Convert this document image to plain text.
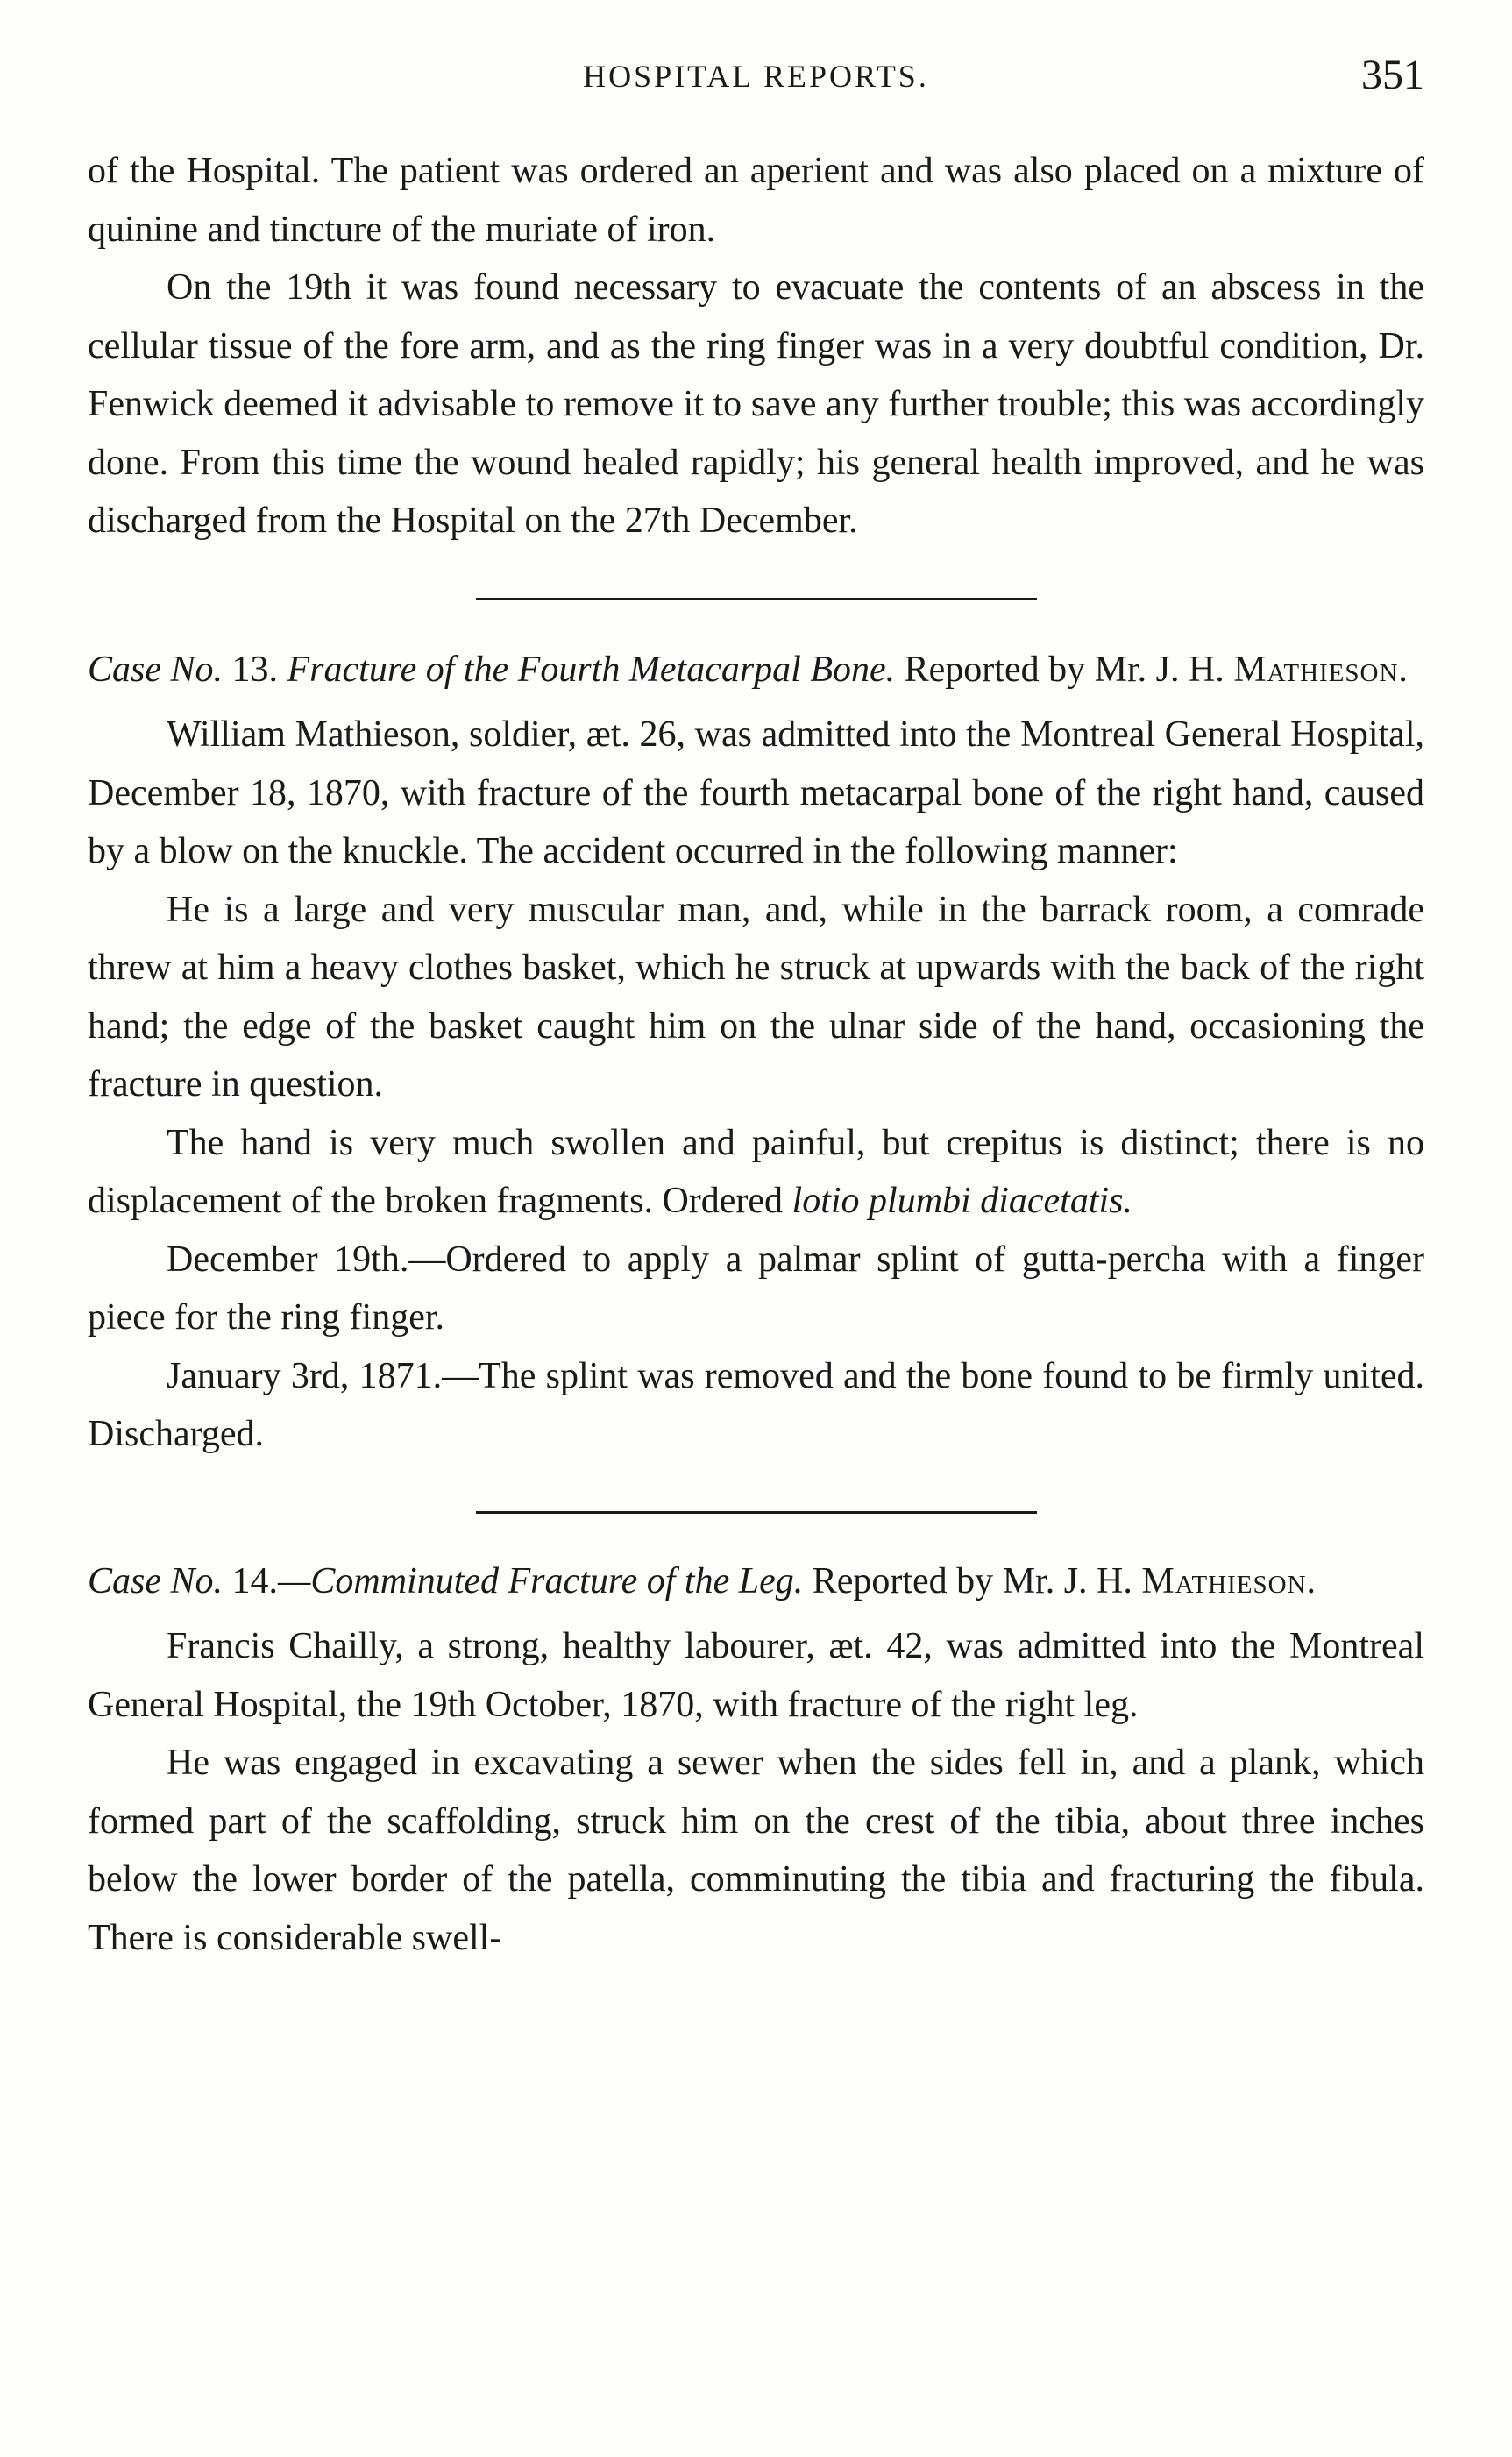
HOSPITAL REPORTS.	351

of the Hospital. The patient was ordered an aperient and was also placed on a mixture of quinine and tincture of the muriate of iron.

On the 19th it was found necessary to evacuate the contents of an abscess in the cellular tissue of the fore arm, and as the ring finger was in a very doubtful condition, Dr. Fenwick deemed it advisable to remove it to save any further trouble; this was accordingly done. From this time the wound healed rapidly; his general health improved, and he was discharged from the Hospital on the 27th December.

Case No. 13. Fracture of the Fourth Metacarpal Bone. Reported by Mr. J. H. Mathieson.

William Mathieson, soldier, æt. 26, was admitted into the Montreal General Hospital, December 18, 1870, with fracture of the fourth metacarpal bone of the right hand, caused by a blow on the knuckle. The accident occurred in the following manner:

He is a large and very muscular man, and, while in the barrack room, a comrade threw at him a heavy clothes basket, which he struck at upwards with the back of the right hand; the edge of the basket caught him on the ulnar side of the hand, occasioning the fracture in question.

The hand is very much swollen and painful, but crepitus is distinct; there is no displacement of the broken fragments. Ordered lotio plumbi diacetatis.

December 19th.—Ordered to apply a palmar splint of gutta-percha with a finger piece for the ring finger.

January 3rd, 1871.—The splint was removed and the bone found to be firmly united. Discharged.

Case No. 14.—Comminuted Fracture of the Leg. Reported by Mr. J. H. Mathieson.

Francis Chailly, a strong, healthy labourer, æt. 42, was admitted into the Montreal General Hospital, the 19th October, 1870, with fracture of the right leg.

He was engaged in excavating a sewer when the sides fell in, and a plank, which formed part of the scaffolding, struck him on the crest of the tibia, about three inches below the lower border of the patella, comminuting the tibia and fracturing the fibula. There is considerable swell-
